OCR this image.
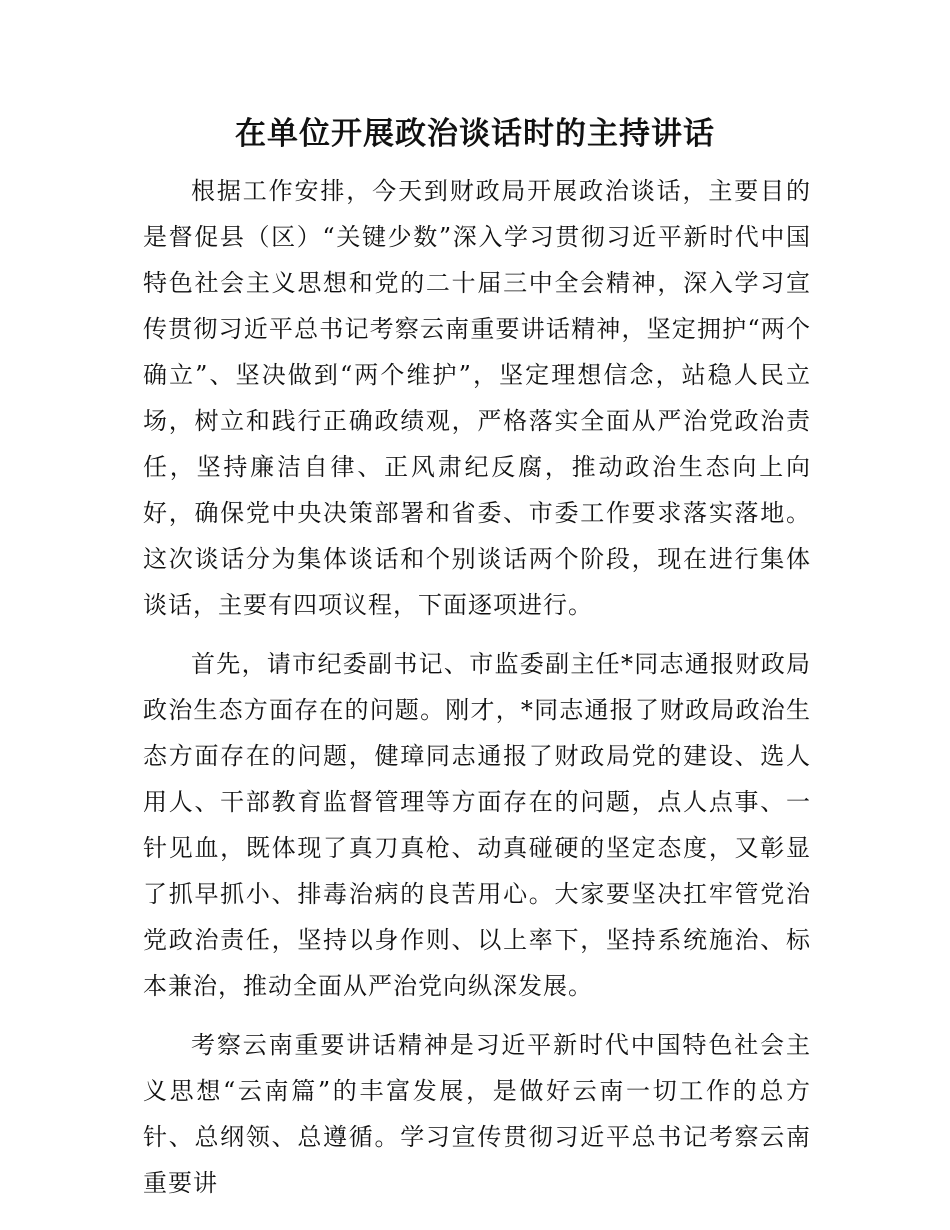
在单位开展政治谈话时的主持讲话

根据工作安排，今天到财政局开展政治谈话，主要目的是督促县（区）“关键少数”深入学习贯彻习近平新时代中国特色社会主义思想和党的二十届三中全会精神，深入学习宣传贯彻习近平总书记考察云南重要讲话精神，坚定拥护“两个确立”、坚决做到“两个维护”，坚定理想信念，站稳人民立场，树立和践行正确政绩观，严格落实全面从严治党政治责任，坚持廉洁自律、正风肃纪反腐，推动政治生态向上向好，确保党中央决策部署和省委、市委工作要求落实落地。这次谈话分为集体谈话和个别谈话两个阶段，现在进行集体谈话，主要有四项议程，下面逐项进行。

首先，请市纪委副书记、市监委副主任*同志通报财政局政治生态方面存在的问题。刚才，*同志通报了财政局政治生态方面存在的问题，健璋同志通报了财政局党的建设、选人用人、干部教育监督管理等方面存在的问题，点人点事、一针见血，既体现了真刀真枪、动真碰硬的坚定态度，又彰显了抓早抓小、排毒治病的良苦用心。大家要坚决扛牢管党治党政治责任，坚持以身作则、以上率下，坚持系统施治、标本兼治，推动全面从严治党向纵深发展。

考察云南重要讲话精神是习近平新时代中国特色社会主义思想“云南篇”的丰富发展，是做好云南一切工作的总方针、总纲领、总遵循。学习宣传贯彻习近平总书记考察云南重要讲
